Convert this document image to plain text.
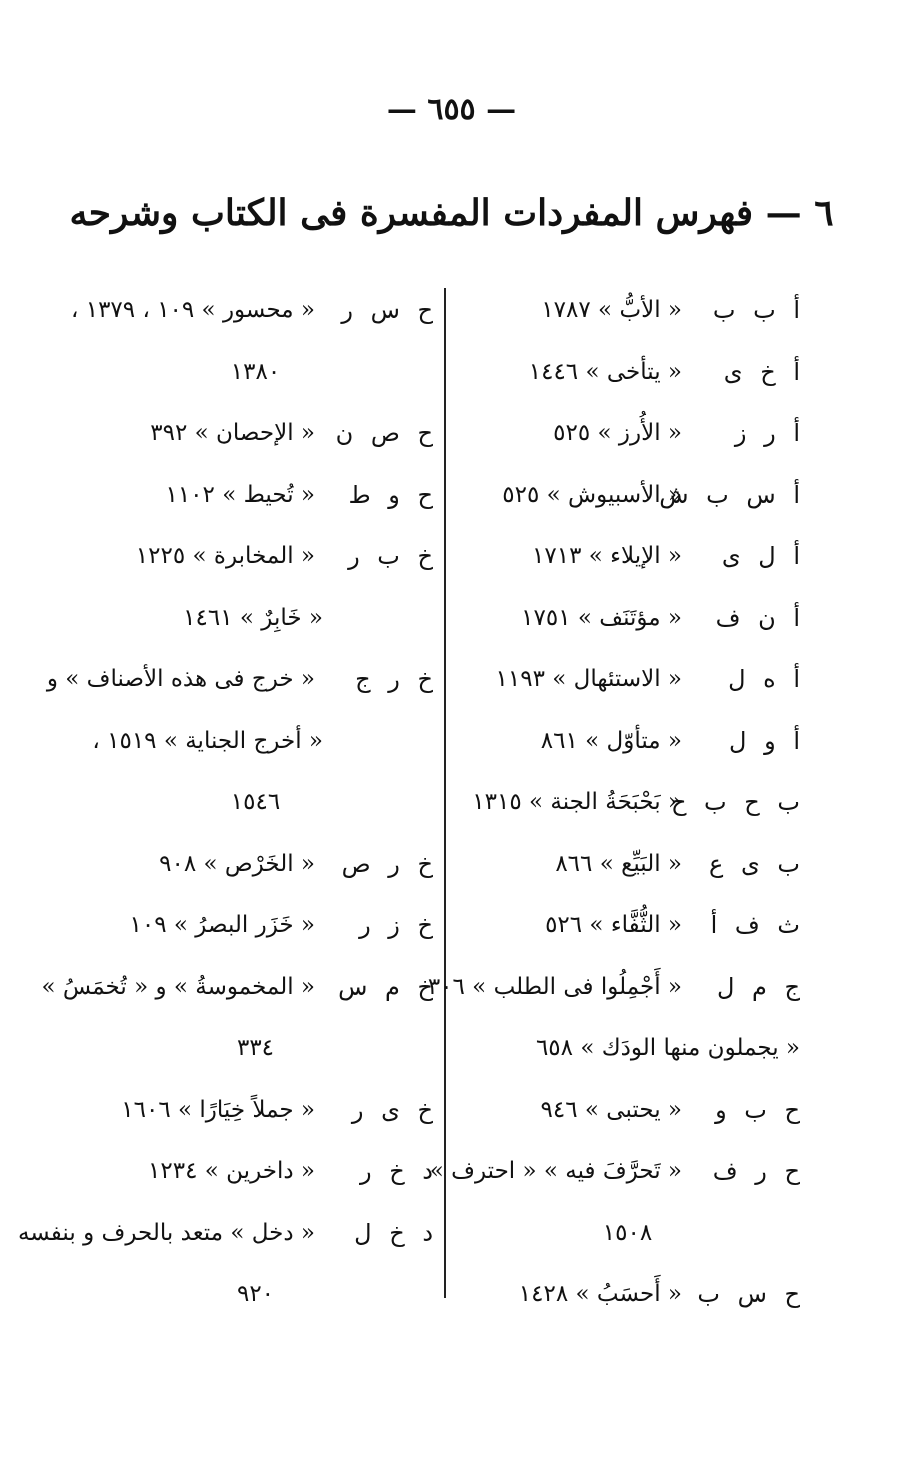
— ٦٥٥ —
٦ — فهرس المفردات المفسرة فى الكتاب وشرحه
أ ب ب
« الأبُّ » ١٧٨٧
أ خ ى
« يتأخى » ١٤٤٦
أ ر ز
« الأُرز » ٥٢٥
أ س ب ش
« الأسبيوش » ٥٢٥
أ ل ى
« الإيلاء » ١٧١٣
أ ن ف
« مؤتَنَف » ١٧٥١
أ ه ل
« الاستئهال » ١١٩٣
أ و ل
« متأوّل » ٨٦١
ب ح ب ح
« بَحْبَحَةُ الجنة » ١٣١٥
ب ى ع
« البَيِّع » ٨٦٦
ث ف أ
« الثُّفَّاء » ٥٢٦
ج م ل
« أَجْمِلُوا فى الطلب » ٣٠٦
« يجملون منها الودَك » ٦٥٨
ح ب و
« يحتبى » ٩٤٦
ح ر ف
« تَحرَّفَ فيه » « احترف »
١٥٠٨
ح س ب
« أَحسَبُ » ١٤٢٨
ح س ر
« محسور » ١٠٩ ، ١٣٧٩ ،
١٣٨٠
ح ص ن
« الإحصان » ٣٩٢
ح و ط
« تُحيط » ١١٠٢
خ ب ر
« المخابرة » ١٢٢٥
« خَابِرٌ » ١٤٦١
خ ر ج
« خرج فى هذه الأصناف » و
« أخرج الجناية » ١٥١٩ ،
١٥٤٦
خ ر ص
« الخَرْص » ٩٠٨
خ ز ر
« خَزَر البصرُ » ١٠٩
خ م س
« المخموسةُ » و « تُخمَسُ »
٣٣٤
خ ى ر
« جملاً خِيَارًا » ١٦٠٦
د خ ر
« داخرين » ١٢٣٤
د خ ل
« دخل » متعد بالحرف و بنفسه
٩٢٠
